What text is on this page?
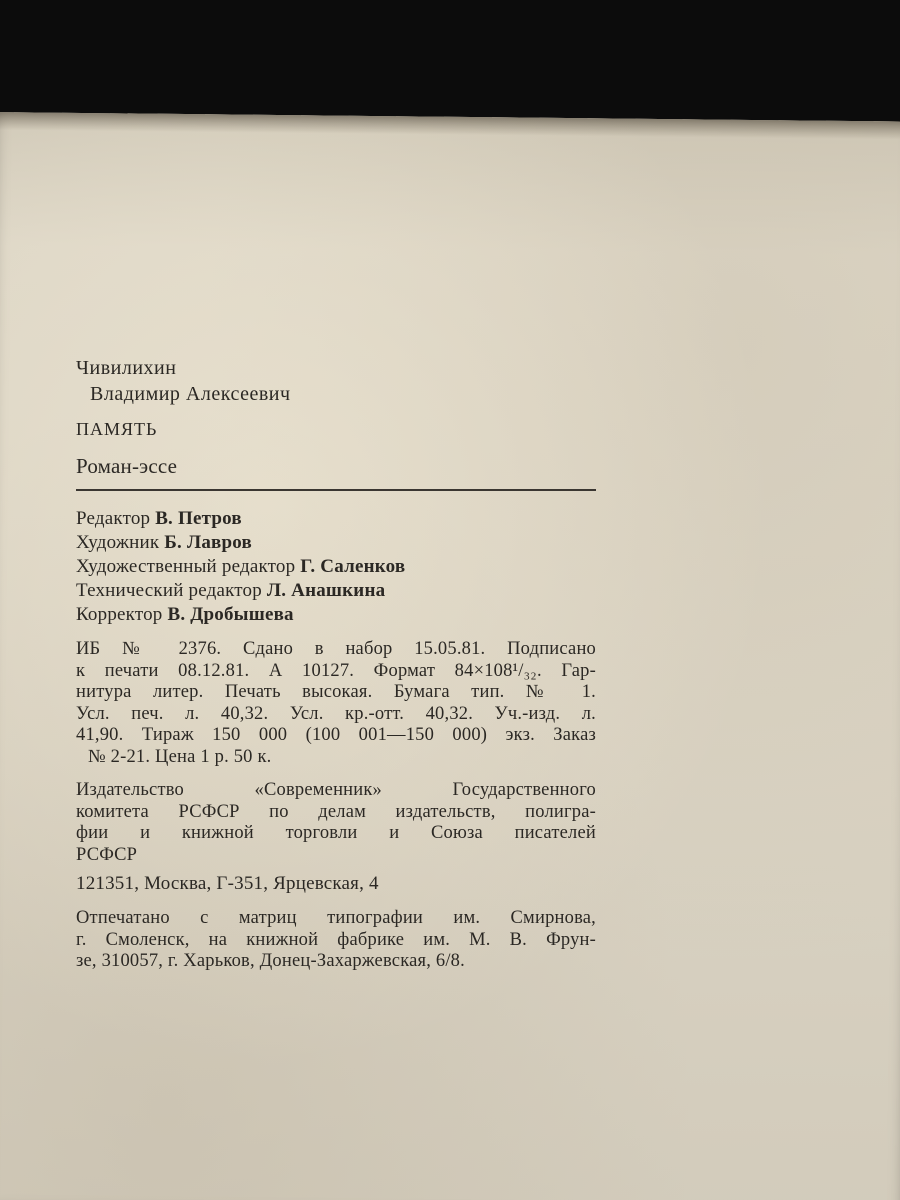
Чивилихин
Владимир Алексеевич
ПАМЯТЬ
Роман-эссе
Редактор В. Петров
Художник Б. Лавров
Художественный редактор Г. Саленков
Технический редактор Л. Анашкина
Корректор В. Дробышева
ИБ № 2376. Сдано в набор 15.05.81. Подписано
к печати 08.12.81. А 10127. Формат 84×108¹/₃₂. Гар-
нитура литер. Печать высокая. Бумага тип. № 1.
Усл. печ. л. 40,32. Усл. кр.-отт. 40,32. Уч.-изд. л.
41,90. Тираж 150 000 (100 001—150 000) экз. Заказ
№ 2-21. Цена 1 р. 50 к.
Издательство «Современник» Государственного
комитета РСФСР по делам издательств, полигра-
фии и книжной торговли и Союза писателей
РСФСР
121351, Москва, Г-351, Ярцевская, 4
Отпечатано с матриц типографии им. Смирнова,
г. Смоленск, на книжной фабрике им. М. В. Фрун-
зе, 310057, г. Харьков, Донец-Захаржевская, 6/8.
